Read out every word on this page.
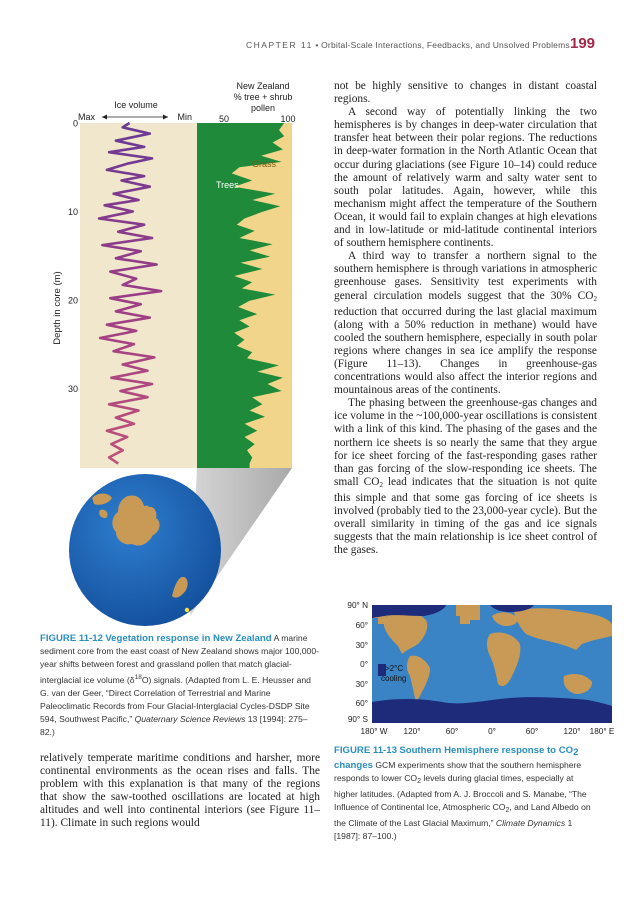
CHAPTER 11 • Orbital-Scale Interactions, Feedbacks, and Unsolved Problems 199
Ice volume
Max	Min
New Zealand
% tree + shrub
pollen
50	100
Trees
Grass
0
10
20
30
Depth in core (m)
FIGURE 11-12 Vegetation response in New Zealand A marine sediment core from the east coast of New Zealand shows major 100,000-year shifts between forest and grassland pollen that match glacial-interglacial ice volume $(\delta^{18}O)$ signals. (Adapted from L. E. Heusser and G. van der Geer, “Direct Correlation of Terrestrial and Marine Paleoclimatic Records from Four Glacial-Interglacial Cycles-DSDP Site 594, Southwest Pacific,” Quaternary Science Reviews 13 [1994]: 275–82.)
relatively temperate maritime conditions and harsher, more continental environments as the ocean rises and falls. The problem with this explanation is that many of the regions that show the saw-toothed oscillations are located at high altitudes and well into continental interiors (see Figure 11–11). Climate in such regions would

not be highly sensitive to changes in distant coastal regions.

A second way of potentially linking the two hemispheres is by changes in deep-water circulation that transfer heat between their polar regions. The reductions in deep-water formation in the North Atlantic Ocean that occur during glaciations (see Figure 10–14) could reduce the amount of relatively warm and salty water sent to south polar latitudes. Again, however, while this mechanism might affect the temperature of the Southern Ocean, it would fail to explain changes at high elevations and in low-latitude or mid-latitude continental interiors of southern hemisphere continents.

A third way to transfer a northern signal to the southern hemisphere is through variations in atmospheric greenhouse gases. Sensitivity test experiments with general circulation models suggest that the 30% $CO_2$ reduction that occurred during the last glacial maximum (along with a 50% reduction in methane) would have cooled the southern hemisphere, especially in south polar regions where changes in sea ice amplify the response (Figure 11–13). Changes in greenhouse-gas concentrations would also affect the interior regions and mountainous areas of the continents.

The phasing between the greenhouse-gas changes and ice volume in the ~100,000-year oscillations is consistent with a link of this kind. The phasing of the gases and the northern ice sheets is so nearly the same that they argue for ice sheet forcing of the fast-responding gases rather than gas forcing of the slow-responding ice sheets. The small $CO_2$ lead indicates that the situation is not quite this simple and that some gas forcing of ice sheets is involved (probably tied to the 23,000-year cycle). But the overall similarity in timing of the gas and ice signals suggests that the main relationship is ice sheet control of the gases.

>2°C
cooling
90° N
60°
30°
0°
30°
60°
90° S
180° W 120°	60°	0°	60°	120° 180° E
FIGURE 11-13 Southern Hemisphere response to CO2 changes GCM experiments show that the southern hemisphere responds to lower $CO_2$ levels during glacial times, especially at higher latitudes. (Adapted from A. J. Broccoli and S. Manabe, “The Influence of Continental Ice, Atmospheric $CO_2$, and Land Albedo on the Climate of the Last Glacial Maximum,” Climate Dynamics 1 [1987]: 87–100.)
